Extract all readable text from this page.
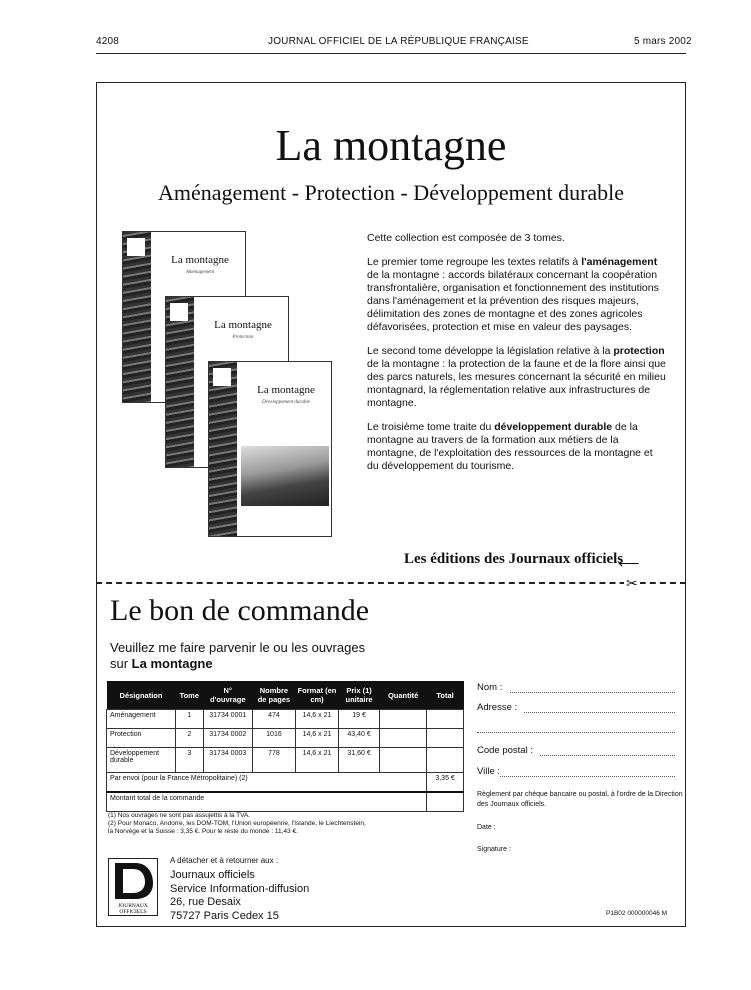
4208	JOURNAL OFFICIEL DE LA RÉPUBLIQUE FRANÇAISE	5 mars 2002
La montagne
Aménagement - Protection - Développement durable
La montagne
Aménagement
La montagne
Protection
La montagne
Développement durable

Cette collection est composée de 3 tomes.

Le premier tome regroupe les textes relatifs à l'aménagement de la montagne : accords bilatéraux concernant la coopération transfrontalière, organisation et fonctionnement des institutions dans l'aménagement et la prévention des risques majeurs, délimitation des zones de montagne et des zones agricoles défavorisées, protection et mise en valeur des paysages.

Le second tome développe la législation relative à la protection de la montagne : la protection de la faune et de la flore ainsi que des parcs naturels, les mesures concernant la sécurité en milieu montagnard, la réglementation relative aux infrastructures de montagne.

Le troisième tome traite du développement durable de la montagne au travers de la formation aux métiers de la montagne, de l'exploitation des ressources de la montagne et du développement du tourisme.

Les éditions des Journaux officiels
⟵
✂
Le bon de commande
Veuillez me faire parvenir le ou les ouvrages
sur La montagne
Désignation	Tome	N° d'ouvrage	Nombre de pages	Format (en cm)	Prix (1) unitaire	Quantité	Total
Aménagement	1	31734 0001	474	14,6 x 21	19 €		
Protection	2	31734 0002	1016	14,6 x 21	43,40 €		
Développement durable	3	31734 0003	778	14,6 x 21	31,60 €		
Par envoi (pour la France Métropolitaine) (2)							3,35 €
Montant total de la commande							

(1) Nos ouvrages ne sont pas assujettis à la TVA.

(2) Pour Monaco, Andorre, les DOM-TOM, l'Union européenne, l'Islande, le Liechtenstein,

la Norvège et la Suisse : 3,35 €. Pour le reste du monde : 11,43 €.

Nom :
Adresse :
Code postal :
Ville :
Règlement par chèque bancaire ou postal, à l'ordre de la Direction des Journaux officiels.
Date :
Signature :
JOURNAUX
OFFICIELS
A détacher et à retourner aux :
Journaux officiels
Service Information-diffusion
26, rue Desaix
75727 Paris Cedex 15	P1B02 000000046 M
